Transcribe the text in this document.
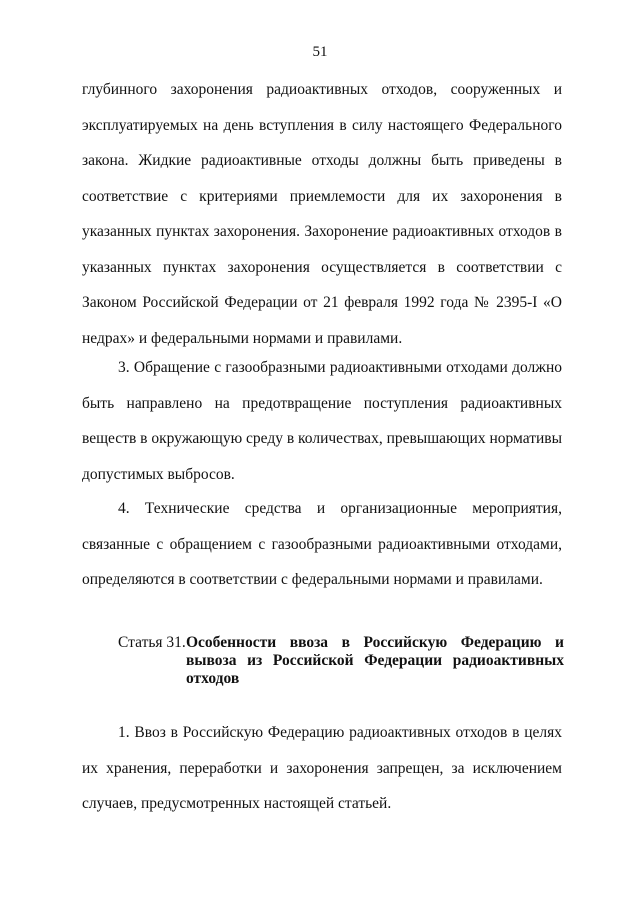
51

глубинного захоронения радиоактивных отходов, сооруженных и эксплуатируемых на день вступления в силу настоящего Федерального закона. Жидкие радиоактивные отходы должны быть приведены в соответствие с критериями приемлемости для их захоронения в указанных пунктах захоронения. Захоронение радиоактивных отходов в указанных пунктах захоронения осуществляется в соответствии с Законом Российской Федерации от 21 февраля 1992 года № 2395-I «О недрах» и федеральными нормами и правилами.

3. Обращение с газообразными радиоактивными отходами должно быть направлено на предотвращение поступления радиоактивных веществ в окружающую среду в количествах, превышающих нормативы допустимых выбросов.

4. Технические средства и организационные мероприятия, связанные с обращением с газообразными радиоактивными отходами, определяются в соответствии с федеральными нормами и правилами.

Статья 31. Особенности ввоза в Российскую Федерацию и вывоза из Российской Федерации радиоактивных отходов

1. Ввоз в Российскую Федерацию радиоактивных отходов в целях их хранения, переработки и захоронения запрещен, за исключением случаев, предусмотренных настоящей статьей.
